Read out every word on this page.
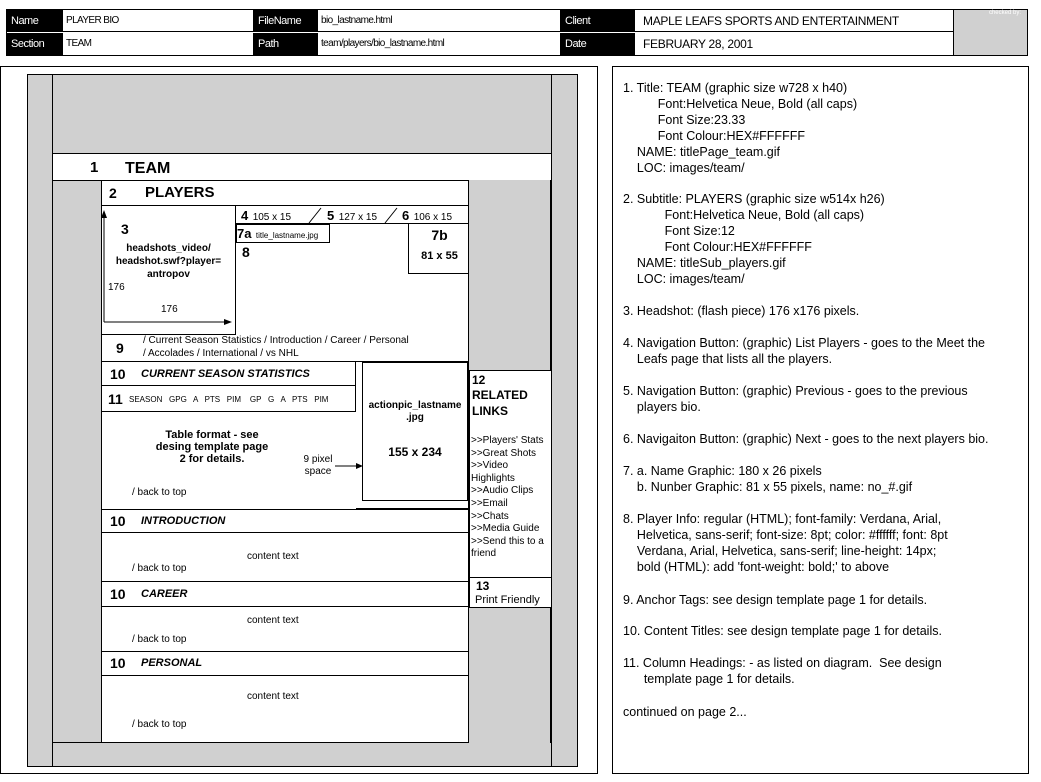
Name	PLAYER BIO	FileName	bio_lastname.html	Client	MAPLE LEAFS SPORTS AND ENTERTAINMENT
Section	TEAM	Path	team/players/bio_lastname.html	Date	FEBRUARY 28, 2001
checked by:
1 TEAM
2 PLAYERS
3
headshots_video/
headshot.swf?player=
antropov
176
176
4 105 x 15	5 127 x 15 6 106 x 15
7a title_lastname.jpg
8
7b
81 x 55
9 / Current Season Statistics / Introduction / Career / Personal
/ Accolades / International / vs NHL
12
RELATED
LINKS
>>Players' Stats
>>Great Shots
>>Video
Highlights
>>Audio Clips
>>Email
>>Chats
>>Media Guide
>>Send this to a
friend
13
Print Friendly
10 CURRENT SEASON STATISTICS
11 SEASON   GPG   A   PTS   PIM    GP   G   A   PTS   PIM
Table format - see
desing template page
2 for details.	9 pixel
space
/ back to top
actionpic_lastname
.jpg
155 x 234
10 INTRODUCTION
content text
/ back to top
10 CAREER
content text
/ back to top
10 PERSONAL
content text
/ back to top
1. Title: TEAM (graphic size w728 x h40)
Font:Helvetica Neue, Bold (all caps)
Font Size:23.33
Font Colour:HEX#FFFFFF
NAME: titlePage_team.gif
LOC: images/team/
2. Subtitle: PLAYERS (graphic size w514x h26)
Font:Helvetica Neue, Bold (all caps)
Font Size:12
Font Colour:HEX#FFFFFF
NAME: titleSub_players.gif
LOC: images/team/
3. Headshot: (flash piece) 176 x176 pixels.
4. Navigation Button: (graphic) List Players - goes to the Meet the
Leafs page that lists all the players.
5. Navigation Button: (graphic) Previous - goes to the previous
players bio.
6. Navigaiton Button: (graphic) Next - goes to the next players bio.
7. a. Name Graphic: 180 x 26 pixels
b. Nunber Graphic: 81 x 55 pixels, name: no_#.gif
8. Player Info: regular (HTML); font-family: Verdana, Arial,
Helvetica, sans-serif; font-size: 8pt; color: #ffffff; font: 8pt
Verdana, Arial, Helvetica, sans-serif; line-height: 14px;
bold (HTML): add 'font-weight: bold;' to above
9. Anchor Tags: see design template page 1 for details.
10. Content Titles: see design template page 1 for details.
11. Column Headings: - as listed on diagram.  See design
template page 1 for details.
continued on page 2...
